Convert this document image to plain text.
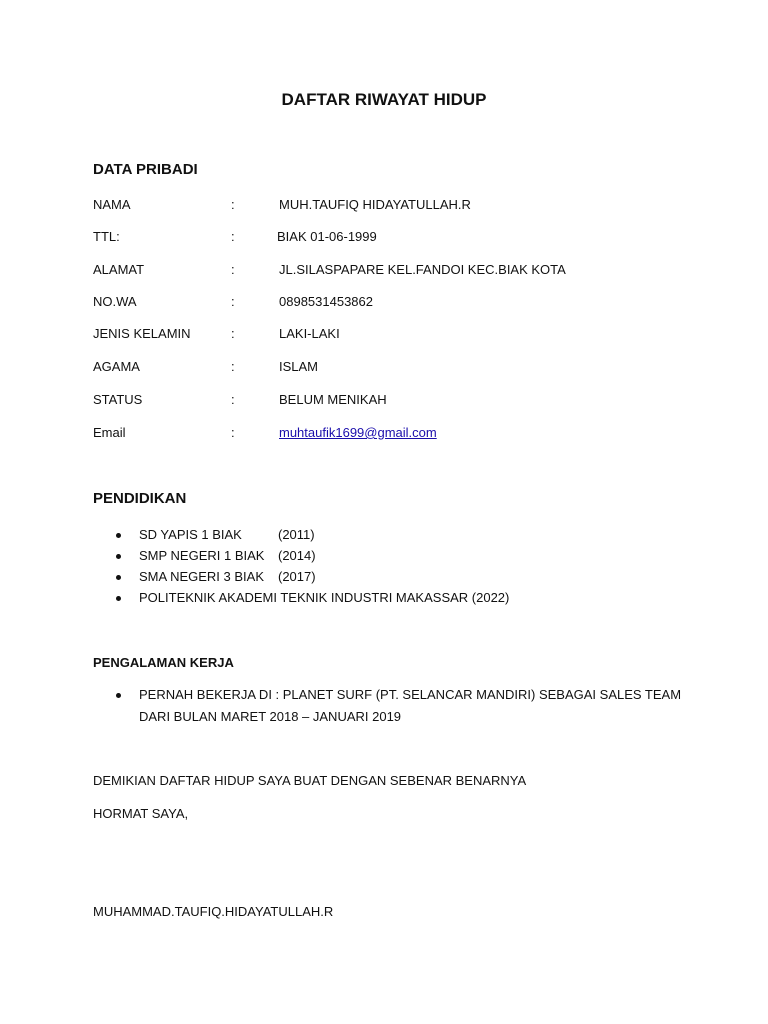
DAFTAR RIWAYAT HIDUP
DATA PRIBADI
NAMA	:	MUH.TAUFIQ HIDAYATULLAH.R
TTL:	:	BIAK 01-06-1999
ALAMAT	:	JL.SILASPAPARE KEL.FANDOI KEC.BIAK KOTA
NO.WA	:	0898531453862
JENIS KELAMIN	:	LAKI-LAKI
AGAMA	:	ISLAM
STATUS	:	BELUM MENIKAH
Email	:	muhtaufik1699@gmail.com
PENDIDIKAN
SD YAPIS 1 BIAK	(2011)
SMP NEGERI 1 BIAK (2014)
SMA NEGERI 3 BIAK (2017)
POLITEKNIK AKADEMI TEKNIK INDUSTRI MAKASSAR (2022)
PENGALAMAN KERJA
PERNAH BEKERJA DI : PLANET SURF (PT. SELANCAR MANDIRI) SEBAGAI SALES TEAM
DARI BULAN MARET 2018 – JANUARI 2019
DEMIKIAN DAFTAR HIDUP SAYA BUAT DENGAN SEBENAR BENARNYA
HORMAT SAYA,
MUHAMMAD.TAUFIQ.HIDAYATULLAH.R
